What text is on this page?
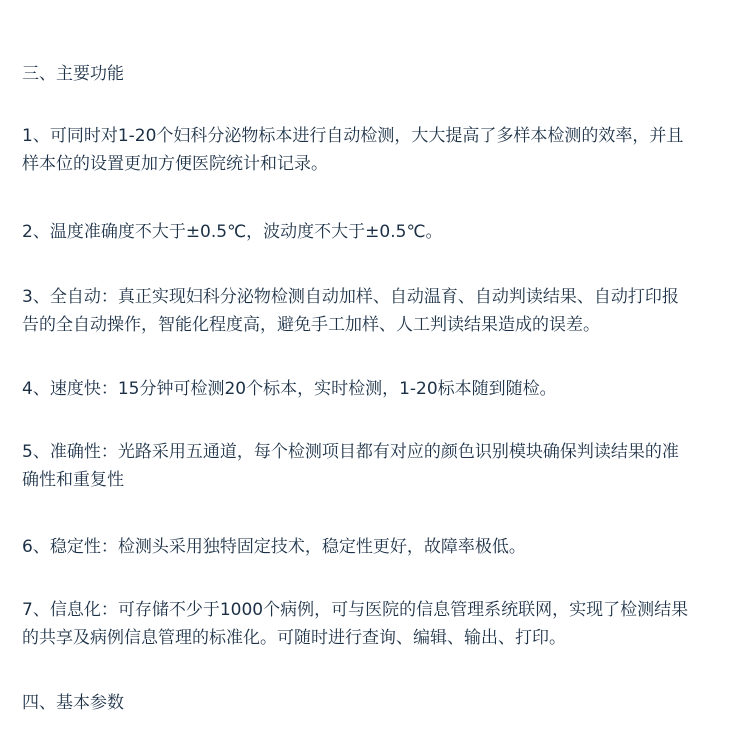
三、主要功能
1、可同时对1-20个妇科分泌物标本进行自动检测，大大提高了多样本检测的效率，并且
样本位的设置更加方便医院统计和记录。
2、温度准确度不大于±0.5℃，波动度不大于±0.5℃。
3、全自动：真正实现妇科分泌物检测自动加样、自动温育、自动判读结果、自动打印报
告的全自动操作，智能化程度高，避免手工加样、人工判读结果造成的误差。
4、速度快：15分钟可检测20个标本，实时检测，1-20标本随到随检。
5、准确性：光路采用五通道，每个检测项目都有对应的颜色识别模块确保判读结果的准
确性和重复性
6、稳定性：检测头采用独特固定技术，稳定性更好，故障率极低。
7、信息化：可存储不少于1000个病例，可与医院的信息管理系统联网，实现了检测结果
的共享及病例信息管理的标准化。可随时进行查询、编辑、输出、打印。
四、基本参数
